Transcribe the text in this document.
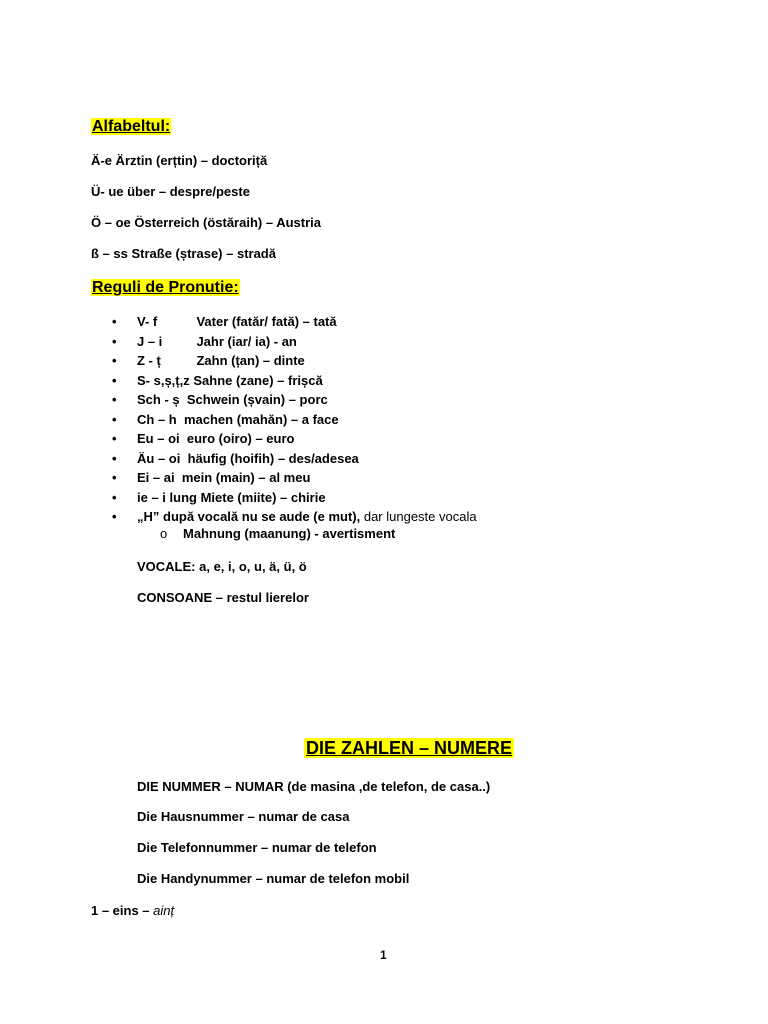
Alfabeltul:
Ä-e Ärztin (erțtin) – doctoriță
Ü- ue über – despre/peste
Ö – oe Österreich (östăraih) – Austria
ß – ss Straße (ștrase) – stradă
Reguli de Pronutie:
• V- f	Vater (fatăr/ fată) – tată
• J – i	Jahr (iar/ ia) - an
• Z - ț	Zahn (țan) – dinte
• S- s,ș,ț,z Sahne (zane) – frișcă
• Sch - ș Schwein (șvain) – porc
• Ch – h machen (mahăn) – a face
• Eu – oi euro (oiro) – euro
• Äu – oi häufig (hoifih) – des/adesea
• Ei – ai mein (main) – al meu
• ie – i lung Miete (miite) – chirie
• „H” după vocală nu se aude (e mut), dar lungeste vocala
o Mahnung (maanung) - avertisment
VOCALE: a, e, i, o, u, ä, ü, ö
CONSOANE – restul lierelor
DIE ZAHLEN – NUMERE
DIE NUMMER – NUMAR (de masina ,de telefon, de casa..)
Die Hausnummer – numar de casa
Die Telefonnummer – numar de telefon
Die Handynummer – numar de telefon mobil
1 – eins – ainț
1
